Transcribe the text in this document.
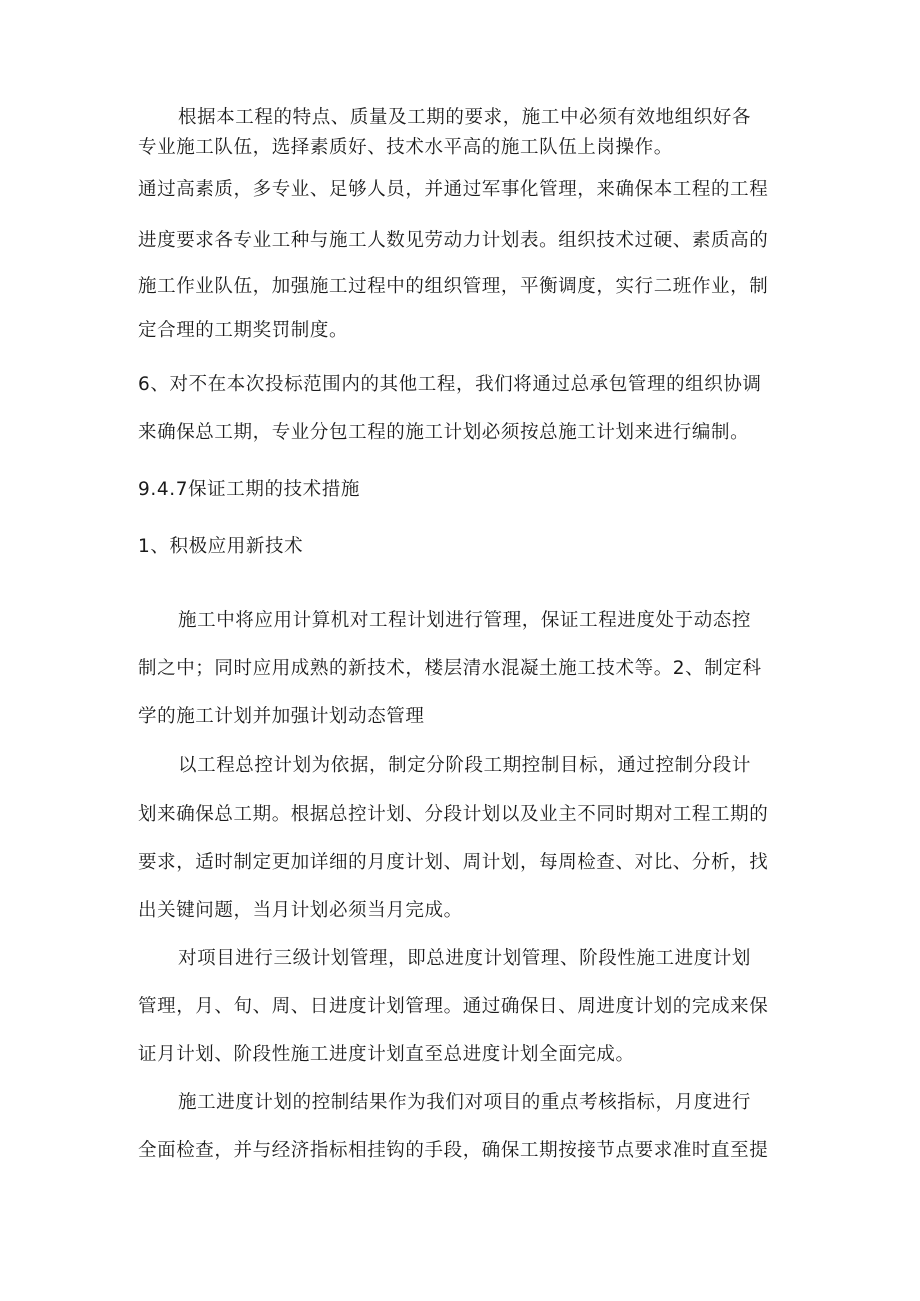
根据本工程的特点、质量及工期的要求，施工中必须有效地组织好各
专业施工队伍，选择素质好、技术水平高的施工队伍上岗操作。
通过高素质，多专业、足够人员，并通过军事化管理，来确保本工程的工程
进度要求各专业工种与施工人数见劳动力计划表。组织技术过硬、素质高的
施工作业队伍，加强施工过程中的组织管理，平衡调度，实行二班作业，制
定合理的工期奖罚制度。
6、对不在本次投标范围内的其他工程，我们将通过总承包管理的组织协调
来确保总工期，专业分包工程的施工计划必须按总施工计划来进行编制。
9.4.7保证工期的技术措施
1、积极应用新技术
施工中将应用计算机对工程计划进行管理，保证工程进度处于动态控
制之中；同时应用成熟的新技术，楼层清水混凝土施工技术等。2、制定科
学的施工计划并加强计划动态管理
以工程总控计划为依据，制定分阶段工期控制目标，通过控制分段计
划来确保总工期。根据总控计划、分段计划以及业主不同时期对工程工期的
要求，适时制定更加详细的月度计划、周计划，每周检查、对比、分析，找
出关键问题，当月计划必须当月完成。
对项目进行三级计划管理，即总进度计划管理、阶段性施工进度计划
管理，月、旬、周、日进度计划管理。通过确保日、周进度计划的完成来保
证月计划、阶段性施工进度计划直至总进度计划全面完成。
施工进度计划的控制结果作为我们对项目的重点考核指标，月度进行
全面检查，并与经济指标相挂钩的手段，确保工期按接节点要求准时直至提
